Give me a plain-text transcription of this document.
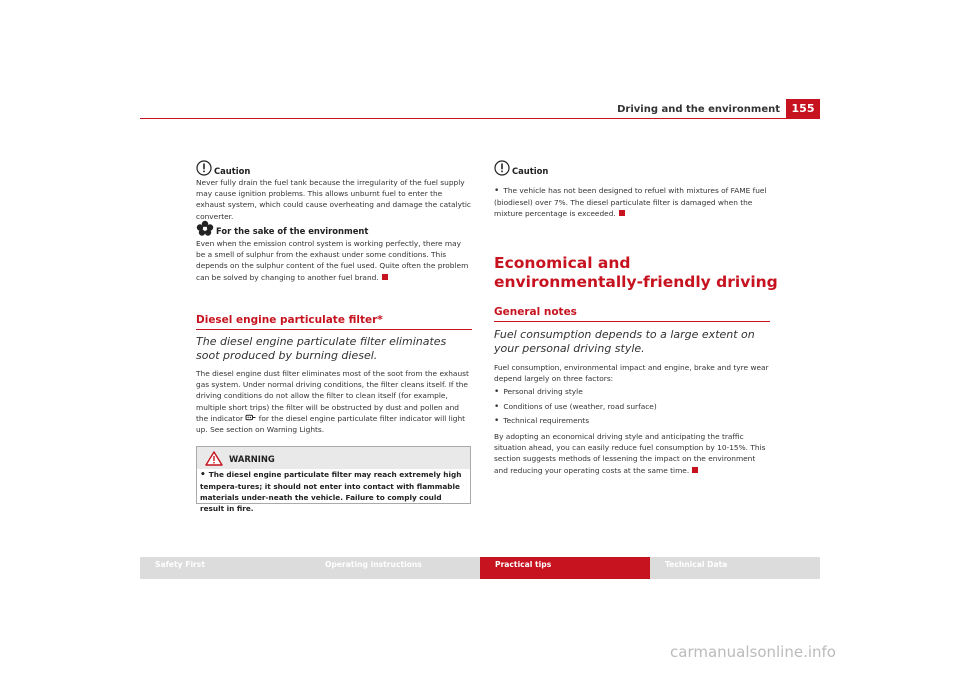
Driving and the environment	155
Caution

Never fully drain the fuel tank because the irregularity of the fuel supply may cause ignition problems. This allows unburnt fuel to enter the exhaust system, which could cause overheating and damage the catalytic converter.

For the sake of the environment

Even when the emission control system is working perfectly, there may be a smell of sulphur from the exhaust under some conditions. This depends on the sulphur content of the fuel used. Quite often the problem can be solved by changing to another fuel brand.

Diesel engine particulate filter*

The diesel engine particulate filter eliminates soot produced by burning diesel.

The diesel engine dust filter eliminates most of the soot from the exhaust gas system. Under normal driving conditions, the filter cleans itself. If the driving conditions do not allow the filter to clean itself (for example, multiple short trips) the filter will be obstructed by dust and pollen and the indicator for the diesel engine particulate filter indicator will light up. See section on Warning Lights.

WARNING

• The diesel engine particulate filter may reach extremely high tempera-tures; it should not enter into contact with flammable materials under-neath the vehicle. Failure to comply could result in fire.

Caution

• The vehicle has not been designed to refuel with mixtures of FAME fuel (biodiesel) over 7%. The diesel particulate filter is damaged when the mixture percentage is exceeded.

Economical and environmentally-friendly driving

General notes

Fuel consumption depends to a large extent on your personal driving style.

Fuel consumption, environmental impact and engine, brake and tyre wear depend largely on three factors:

• Personal driving style
• Conditions of use (weather, road surface)
• Technical requirements

By adopting an economical driving style and anticipating the traffic situation ahead, you can easily reduce fuel consumption by 10-15%. This section suggests methods of lessening the impact on the environment and reducing your operating costs at the same time.

Safety First	Operating instructions	Practical tips	Technical Data
carmanualsonline.info
